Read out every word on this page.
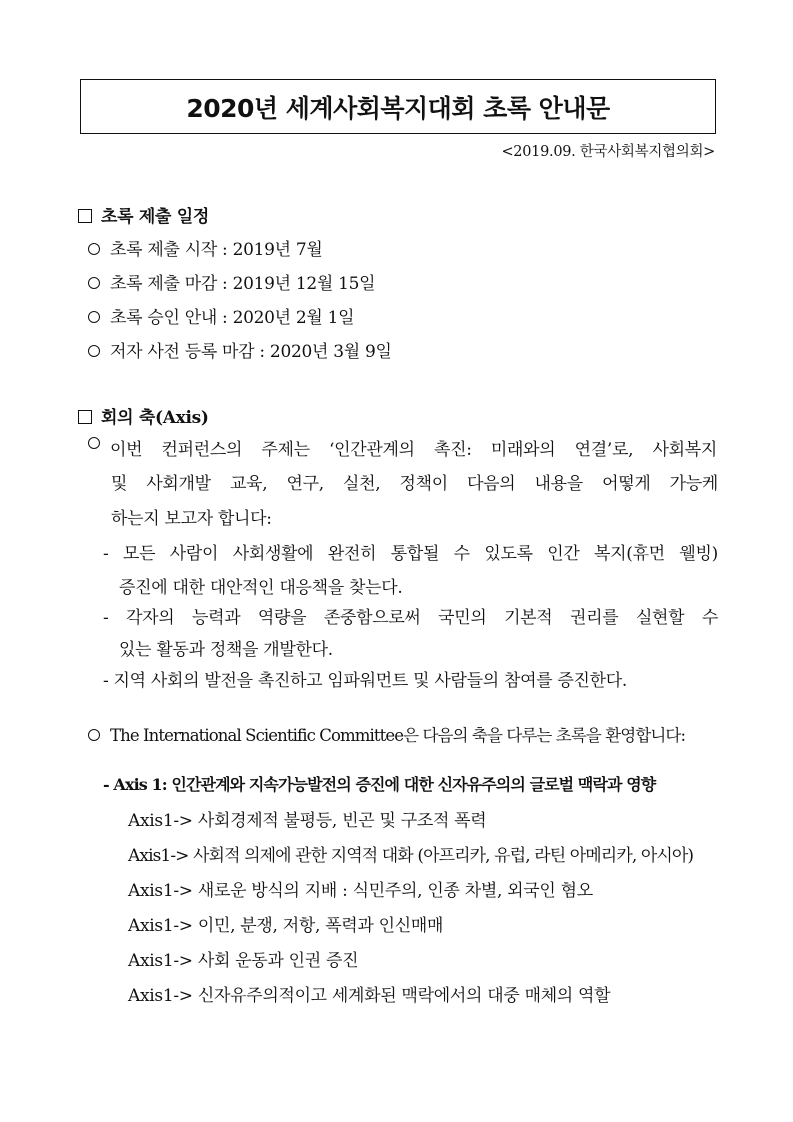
2020년 세계사회복지대회 초록 안내문
<2019.09. 한국사회복지협의회>
초록 제출 일정
초록 제출 시작 : 2019년 7월
초록 제출 마감 : 2019년 12월 15일
초록 승인 안내 : 2020년 2월 1일
저자 사전 등록 마감 : 2020년 3월 9일
회의 축(Axis)
이번 컨퍼런스의 주제는 ‘인간관계의 촉진: 미래와의 연결’로, 사회복지
및 사회개발 교육, 연구, 실천, 정책이 다음의 내용을 어떻게 가능케
하는지 보고자 합니다:
- 모든 사람이 사회생활에 완전히 통합될 수 있도록 인간 복지(휴먼 웰빙)
증진에 대한 대안적인 대응책을 찾는다.
- 각자의 능력과 역량을 존중함으로써 국민의 기본적 권리를 실현할 수
있는 활동과 정책을 개발한다.
- 지역 사회의 발전을 촉진하고 임파워먼트 및 사람들의 참여를 증진한다.
The International Scientific Committee은 다음의 축을 다루는 초록을 환영합니다:
- Axis 1: 인간관계와 지속가능발전의 증진에 대한 신자유주의의 글로벌 맥락과 영향
Axis1-> 사회경제적 불평등, 빈곤 및 구조적 폭력
Axis1-> 사회적 의제에 관한 지역적 대화 (아프리카, 유럽, 라틴 아메리카, 아시아)
Axis1-> 새로운 방식의 지배 : 식민주의, 인종 차별, 외국인 혐오
Axis1-> 이민, 분쟁, 저항, 폭력과 인신매매
Axis1-> 사회 운동과 인권 증진
Axis1-> 신자유주의적이고 세계화된 맥락에서의 대중 매체의 역할
